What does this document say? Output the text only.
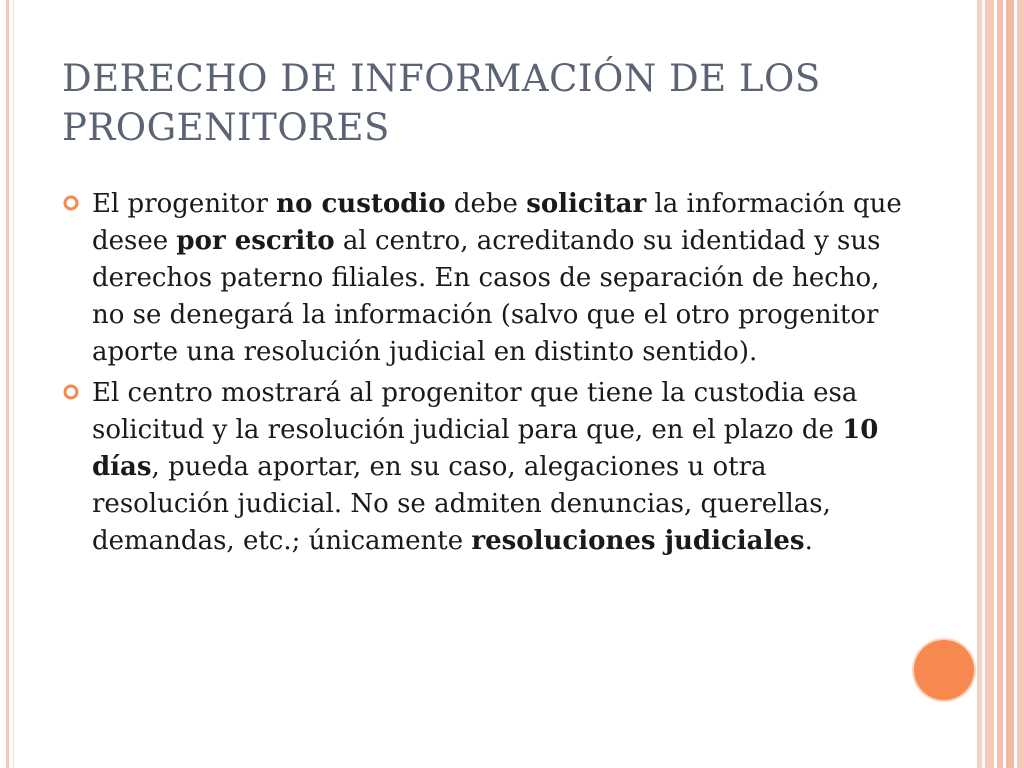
DERECHO DE INFORMACIÓN DE LOS PROGENITORES
El progenitor no custodio debe solicitar la información que desee por escrito al centro, acreditando su identidad y sus derechos paterno filiales. En casos de separación de hecho, no se denegará la información (salvo que el otro progenitor aporte una resolución judicial en distinto sentido).
El centro mostrará al progenitor que tiene la custodia esa solicitud y la resolución judicial para que, en el plazo de 10 días, pueda aportar, en su caso, alegaciones u otra resolución judicial. No se admiten denuncias, querellas, demandas, etc.; únicamente resoluciones judiciales.
